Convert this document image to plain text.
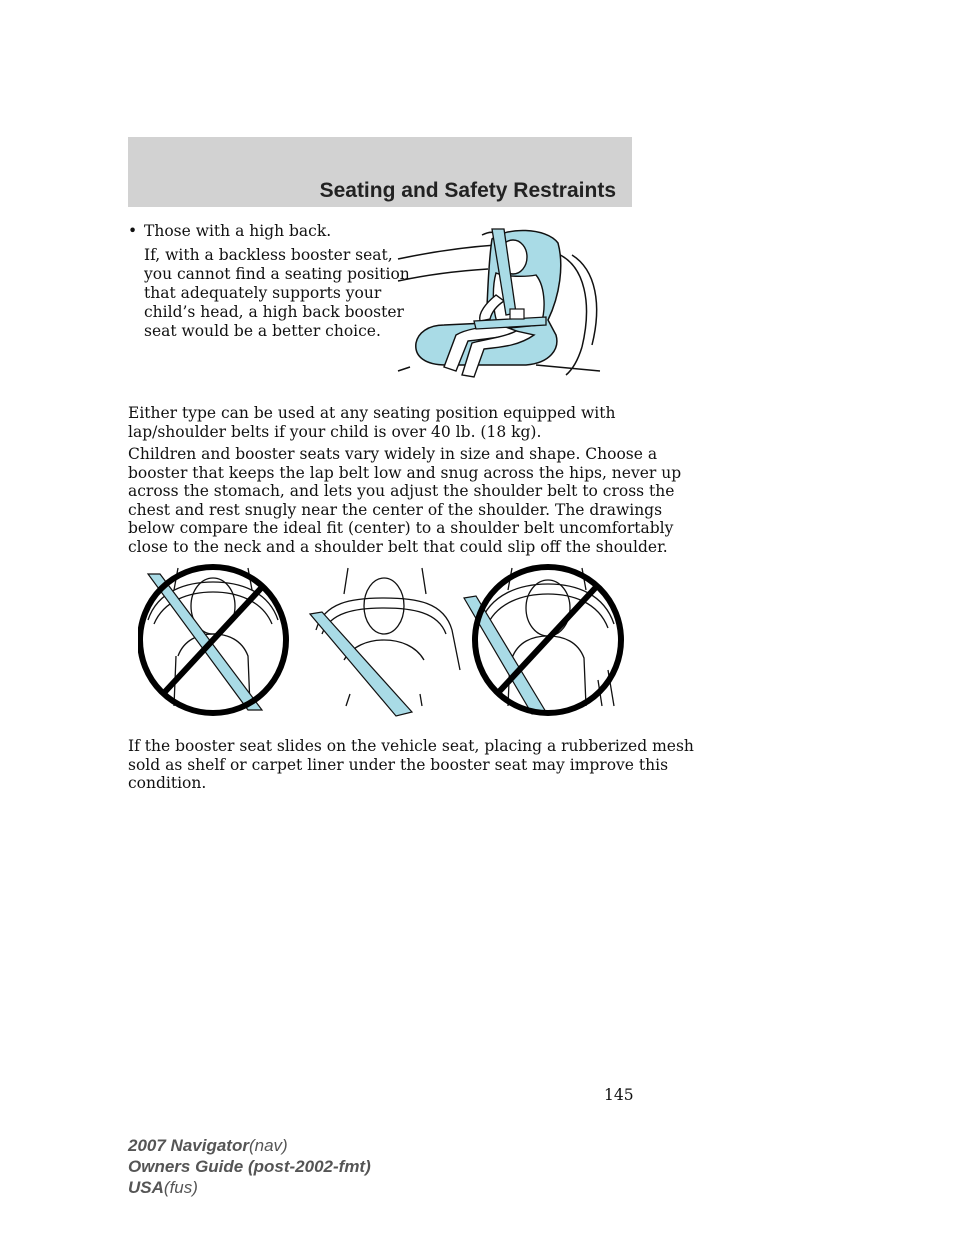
Seating and Safety Restraints
• Those with a high back.
If, with a backless booster seat,
you cannot find a seating position
that adequately supports your
child’s head, a high back booster
seat would be a better choice.
Either type can be used at any seating position equipped with
lap/shoulder belts if your child is over 40 lb. (18 kg).
Children and booster seats vary widely in size and shape. Choose a
booster that keeps the lap belt low and snug across the hips, never up
across the stomach, and lets you adjust the shoulder belt to cross the
chest and rest snugly near the center of the shoulder. The drawings
below compare the ideal fit (center) to a shoulder belt uncomfortably
close to the neck and a shoulder belt that could slip off the shoulder.
If the booster seat slides on the vehicle seat, placing a rubberized mesh
sold as shelf or carpet liner under the booster seat may improve this
condition.
145
2007 Navigator(nav)
Owners Guide (post-2002-fmt)
USA(fus)
